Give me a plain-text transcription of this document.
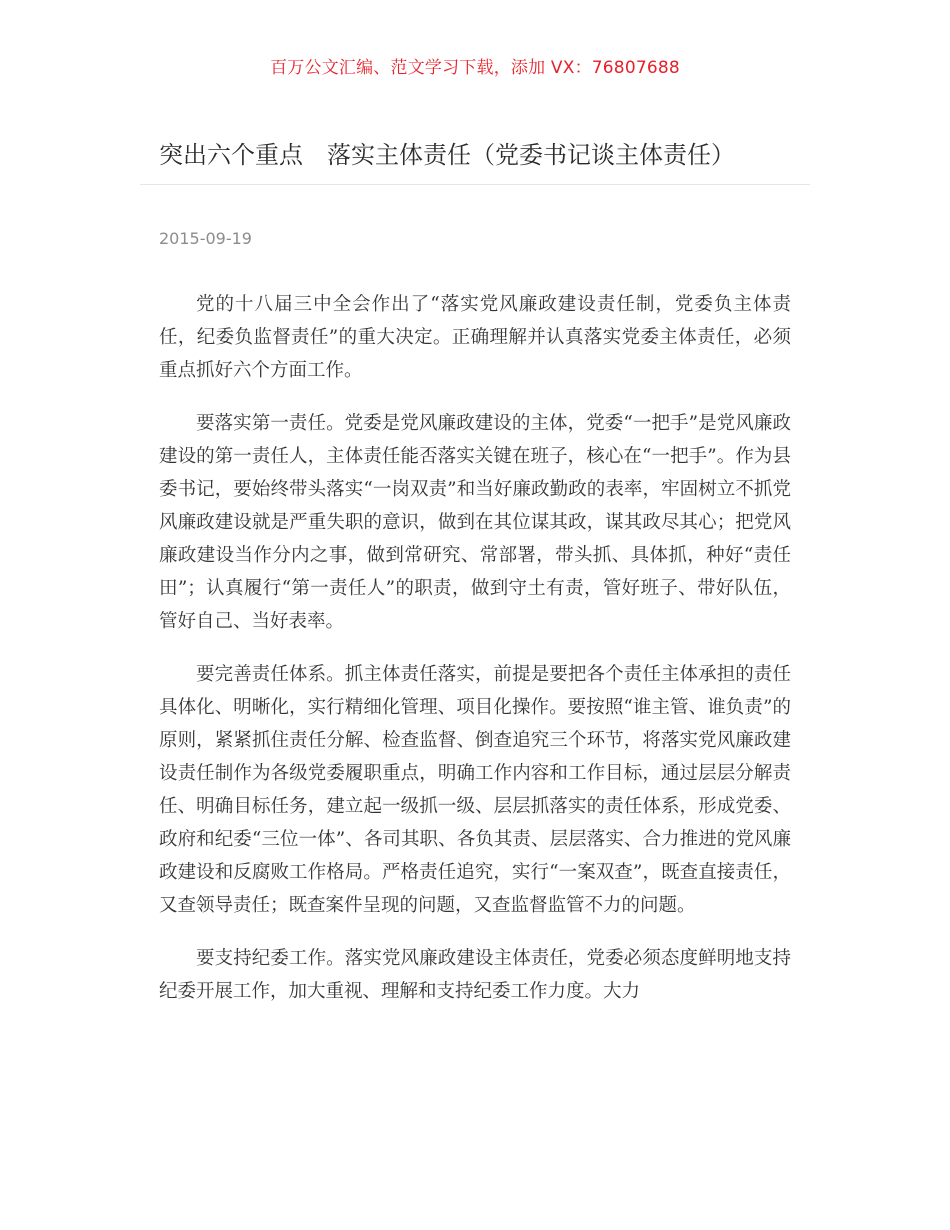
百万公文汇编、范文学习下载，添加 VX：76807688
突出六个重点　落实主体责任（党委书记谈主体责任）
2015-09-19

党的十八届三中全会作出了“落实党风廉政建设责任制，党委负主体责任，纪委负监督责任”的重大决定。正确理解并认真落实党委主体责任，必须重点抓好六个方面工作。

要落实第一责任。党委是党风廉政建设的主体，党委“一把手”是党风廉政建设的第一责任人，主体责任能否落实关键在班子，核心在“一把手”。作为县委书记，要始终带头落实“一岗双责”和当好廉政勤政的表率，牢固树立不抓党风廉政建设就是严重失职的意识，做到在其位谋其政，谋其政尽其心；把党风廉政建设当作分内之事，做到常研究、常部署，带头抓、具体抓，种好“责任田”；认真履行“第一责任人”的职责，做到守土有责，管好班子、带好队伍，管好自己、当好表率。

要完善责任体系。抓主体责任落实，前提是要把各个责任主体承担的责任具体化、明晰化，实行精细化管理、项目化操作。要按照“谁主管、谁负责”的原则，紧紧抓住责任分解、检查监督、倒查追究三个环节，将落实党风廉政建设责任制作为各级党委履职重点，明确工作内容和工作目标，通过层层分解责任、明确目标任务，建立起一级抓一级、层层抓落实的责任体系，形成党委、政府和纪委“三位一体”、各司其职、各负其责、层层落实、合力推进的党风廉政建设和反腐败工作格局。严格责任追究，实行“一案双查”，既查直接责任，又查领导责任；既查案件呈现的问题，又查监督监管不力的问题。

要支持纪委工作。落实党风廉政建设主体责任，党委必须态度鲜明地支持纪委开展工作，加大重视、理解和支持纪委工作力度。大力
